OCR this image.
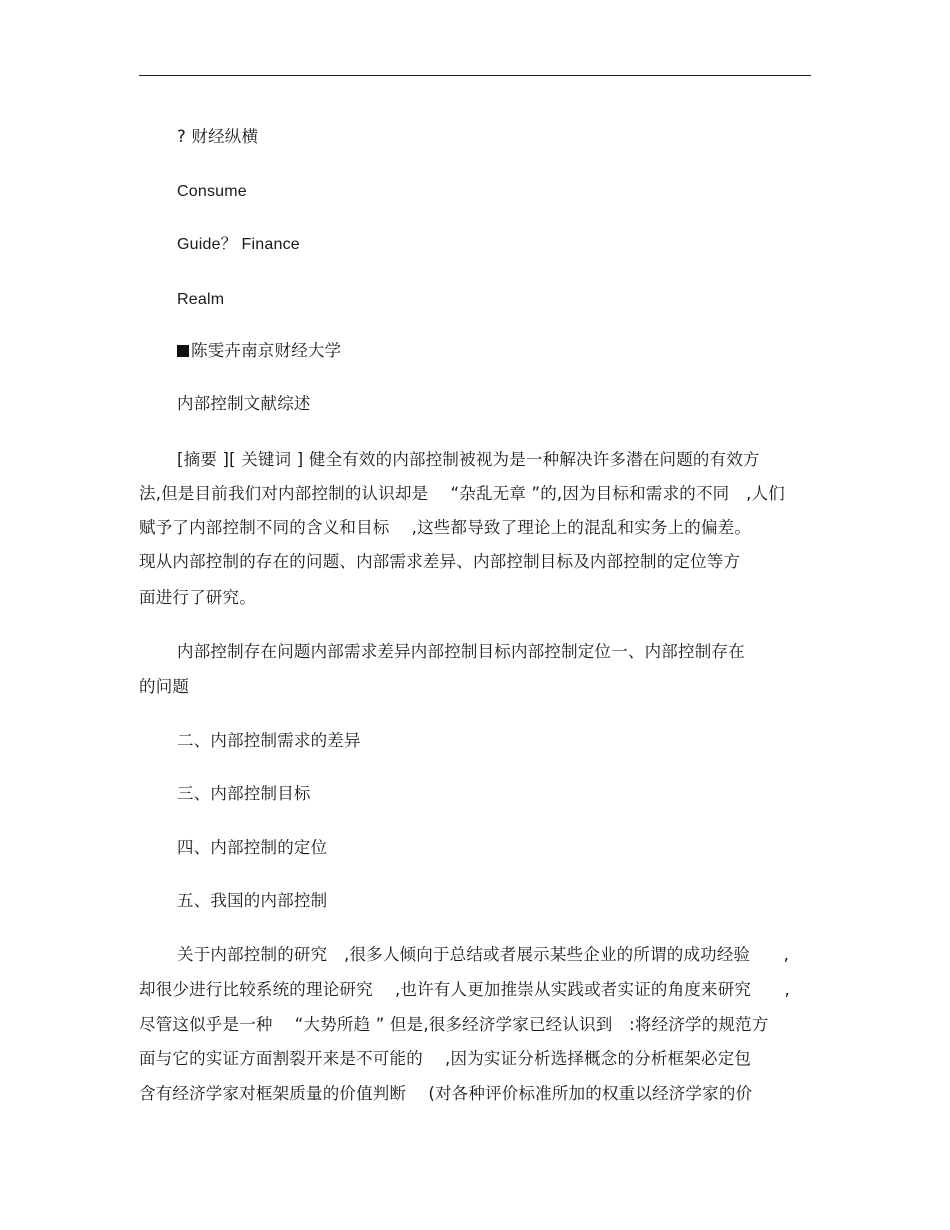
? 财经纵横
Consume
Guide？ Finance
Realm
陈雯卉南京财经大学
内部控制文献综述
[摘要 ][ 关键词 ] 健全有效的内部控制被视为是一种解决许多潜在问题的有效方
法,但是目前我们对内部控制的认识却是　 “杂乱无章 ”的,因为目标和需求的不同　,人们
赋予了内部控制不同的含义和目标　 ,这些都导致了理论上的混乱和实务上的偏差。
现从内部控制的存在的问题、内部需求差异、内部控制目标及内部控制的定位等方
面进行了研究。
内部控制存在问题内部需求差异内部控制目标内部控制定位一、内部控制存在
的问题
二、内部控制需求的差异
三、内部控制目标
四、内部控制的定位
五、我国的内部控制
关于内部控制的研究　,很多人倾向于总结或者展示某些企业的所谓的成功经验　　,
却很少进行比较系统的理论研究　 ,也许有人更加推崇从实践或者实证的角度来研究　　,
尽管这似乎是一种　 “大势所趋 ” 但是,很多经济学家已经认识到　:将经济学的规范方
面与它的实证方面割裂开来是不可能的　 ,因为实证分析选择概念的分析框架必定包
含有经济学家对框架质量的价值判断　 (对各种评价标准所加的权重以经济学家的价
